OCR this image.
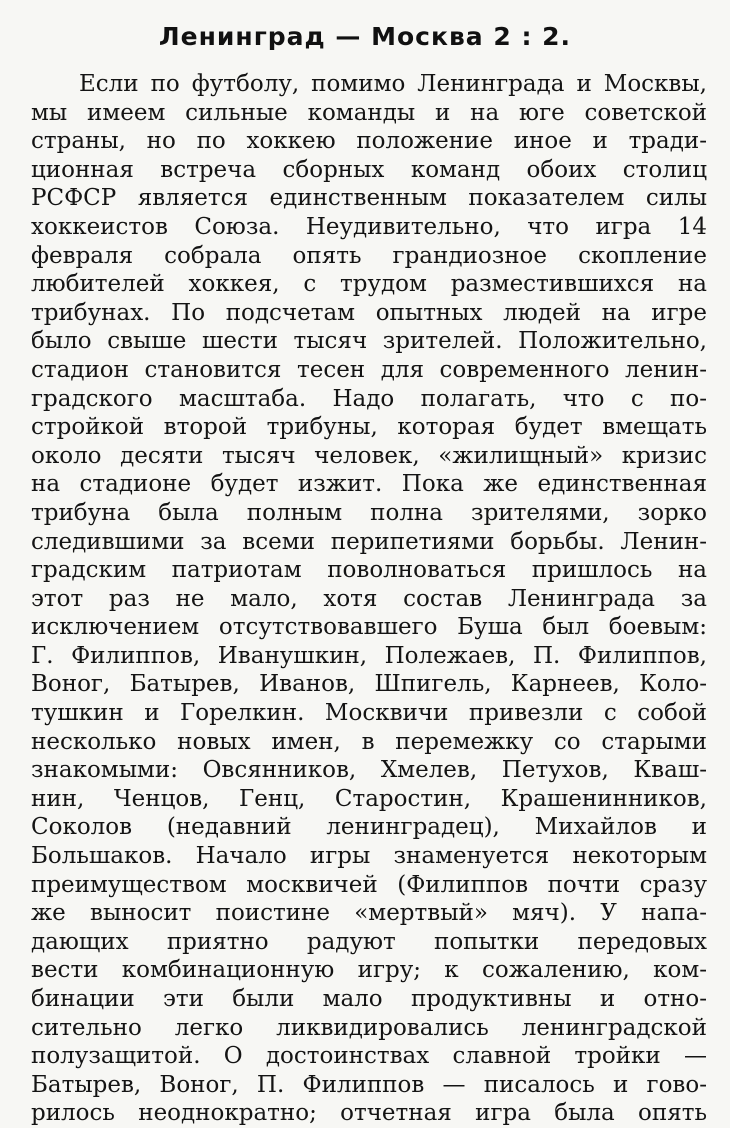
Ленинград — Москва 2 : 2.
Если по футболу, помимо Ленинграда и Москвы,
мы имеем сильные команды и на юге советской
страны, но по хоккею положение иное и тради-
ционная встреча сборных команд обоих столиц
РСФСР является единственным показателем силы
хоккеистов Союза. Неудивительно, что игра 14
февраля собрала опять грандиозное скопление
любителей хоккея, с трудом разместившихся на
трибунах. По подсчетам опытных людей на игре
было свыше шести тысяч зрителей. Положительно,
стадион становится тесен для современного ленин-
градского масштаба. Надо полагать, что с по-
стройкой второй трибуны, которая будет вмещать
около десяти тысяч человек, «жилищный» кризис
на стадионе будет изжит. Пока же единственная
трибуна была полным полна зрителями, зорко
следившими за всеми перипетиями борьбы. Ленин-
градским патриотам поволноваться пришлось на
этот раз не мало, хотя состав Ленинграда за
исключением отсутствовавшего Буша был боевым:
Г. Филиппов, Иванушкин, Полежаев, П. Филиппов,
Воног, Батырев, Иванов, Шпигель, Карнеев, Коло-
тушкин и Горелкин. Москвичи привезли с собой
несколько новых имен, в перемежку со старыми
знакомыми: Овсянников, Хмелев, Петухов, Кваш-
нин, Ченцов, Генц, Старостин, Крашенинников,
Соколов (недавний ленинградец), Михайлов и
Большаков. Начало игры знаменуется некоторым
преимуществом москвичей (Филиппов почти сразу
же выносит поистине «мертвый» мяч). У напа-
дающих приятно радуют попытки передовых
вести комбинационную игру; к сожалению, ком-
бинации эти были мало продуктивны и отно-
сительно легко ликвидировались ленинградской
полузащитой. О достоинствах славной тройки —
Батырев, Воног, П. Филиппов — писалось и гово-
рилось неоднократно; отчетная игра была опять
